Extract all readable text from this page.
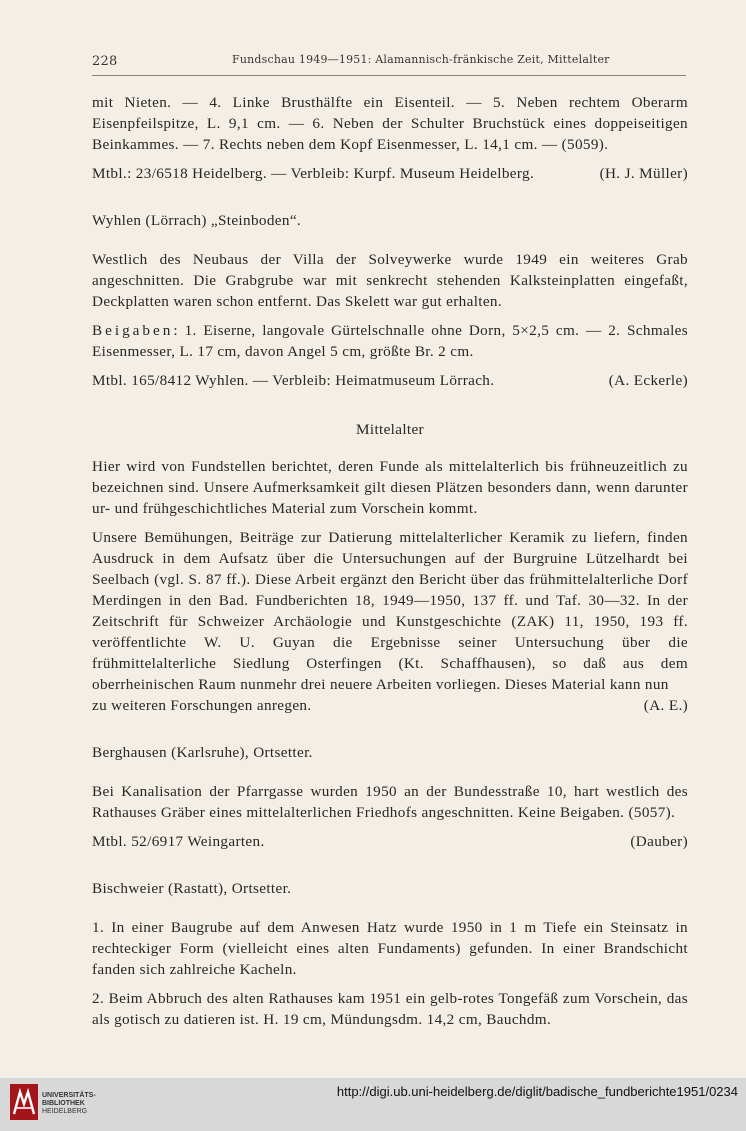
228	Fundschau 1949—1951: Alamannisch-fränkische Zeit, Mittelalter

mit Nieten. — 4. Linke Brusthälfte ein Eisenteil. — 5. Neben rechtem Oberarm Eisenpfeilspitze, L. 9,1 cm. — 6. Neben der Schulter Bruchstück eines doppeiseitigen Beinkammes. — 7. Rechts neben dem Kopf Eisenmesser, L. 14,1 cm. — (5059).

Mtbl.: 23/6518 Heidelberg. — Verbleib: Kurpf. Museum Heidelberg.	(H. J. Müller)

Wyhlen (Lörrach) „Steinboden“.

Westlich des Neubaus der Villa der Solveywerke wurde 1949 ein weiteres Grab angeschnitten. Die Grabgrube war mit senkrecht stehenden Kalksteinplatten eingefaßt, Deckplatten waren schon entfernt. Das Skelett war gut erhalten.

Beigaben: 1. Eiserne, langovale Gürtelschnalle ohne Dorn, 5×2,5 cm. — 2. Schmales Eisenmesser, L. 17 cm, davon Angel 5 cm, größte Br. 2 cm.

Mtbl. 165/8412 Wyhlen. — Verbleib: Heimatmuseum Lörrach.	(A. Eckerle)
Mittelalter

Hier wird von Fundstellen berichtet, deren Funde als mittelalterlich bis frühneuzeitlich zu bezeichnen sind. Unsere Aufmerksamkeit gilt diesen Plätzen besonders dann, wenn darunter ur- und frühgeschichtliches Material zum Vorschein kommt.

Unsere Bemühungen, Beiträge zur Datierung mittelalterlicher Keramik zu liefern, finden Ausdruck in dem Aufsatz über die Untersuchungen auf der Burgruine Lützelhardt bei Seelbach (vgl. S. 87 ff.). Diese Arbeit ergänzt den Bericht über das frühmittelalterliche Dorf Merdingen in den Bad. Fundberichten 18, 1949—1950, 137 ff. und Taf. 30—32. In der Zeitschrift für Schweizer Archäologie und Kunstgeschichte (ZAK) 11, 1950, 193 ff. veröffentlichte W. U. Guyan die Ergebnisse seiner Untersuchung über die frühmittelalterliche Siedlung Osterfingen (Kt. Schaffhausen), so daß aus dem oberrheinischen Raum nunmehr drei neuere Arbeiten vorliegen. Dieses Material kann nun

zu weiteren Forschungen anregen.	(A. E.)

Berghausen (Karlsruhe), Ortsetter.

Bei Kanalisation der Pfarrgasse wurden 1950 an der Bundesstraße 10, hart westlich des Rathauses Gräber eines mittelalterlichen Friedhofs angeschnitten. Keine Beigaben. (5057).

Mtbl. 52/6917 Weingarten.	(Dauber)

Bischweier (Rastatt), Ortsetter.

1. In einer Baugrube auf dem Anwesen Hatz wurde 1950 in 1 m Tiefe ein Steinsatz in rechteckiger Form (vielleicht eines alten Fundaments) gefunden. In einer Brandschicht fanden sich zahlreiche Kacheln.

2. Beim Abbruch des alten Rathauses kam 1951 ein gelb-rotes Tongefäß zum Vorschein, das als gotisch zu datieren ist. H. 19 cm, Mündungsdm. 14,2 cm, Bauchdm.

UNIVERSITÄTS-
BIBLIOTHEK
HEIDELBERG
http://digi.ub.uni-heidelberg.de/diglit/badische_fundberichte1951/0234
